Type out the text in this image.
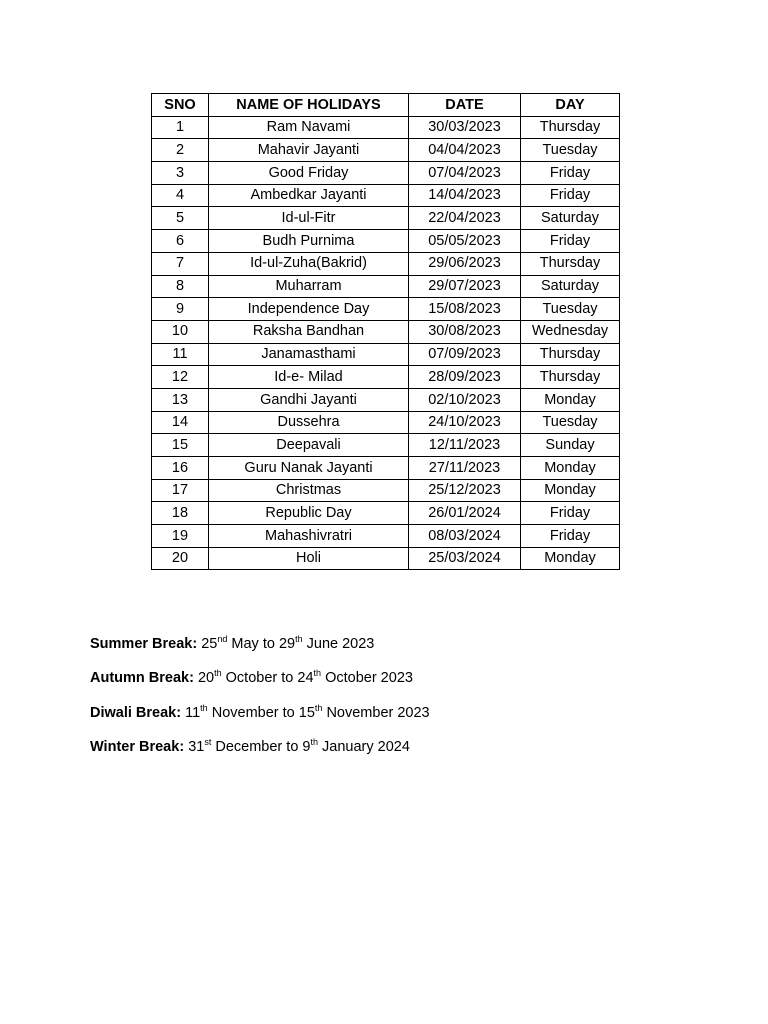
SNO	NAME OF HOLIDAYS	DATE	DAY
1	Ram Navami	30/03/2023	Thursday
2	Mahavir Jayanti	04/04/2023	Tuesday
3	Good Friday	07/04/2023	Friday
4	Ambedkar Jayanti	14/04/2023	Friday
5	Id-ul-Fitr	22/04/2023	Saturday
6	Budh Purnima	05/05/2023	Friday
7	Id-ul-Zuha(Bakrid)	29/06/2023	Thursday
8	Muharram	29/07/2023	Saturday
9	Independence Day	15/08/2023	Tuesday
10	Raksha Bandhan	30/08/2023	Wednesday
11	Janamasthami	07/09/2023	Thursday
12	Id-e- Milad	28/09/2023	Thursday
13	Gandhi Jayanti	02/10/2023	Monday
14	Dussehra	24/10/2023	Tuesday
15	Deepavali	12/11/2023	Sunday
16	Guru Nanak Jayanti	27/11/2023	Monday
17	Christmas	25/12/2023	Monday
18	Republic Day	26/01/2024	Friday
19	Mahashivratri	08/03/2024	Friday
20	Holi	25/03/2024	Monday
Summer Break: 25nd May to 29th June 2023
Autumn Break: 20th October to 24th October 2023
Diwali Break: 11th November to 15th November 2023
Winter Break: 31st December to 9th January 2024
